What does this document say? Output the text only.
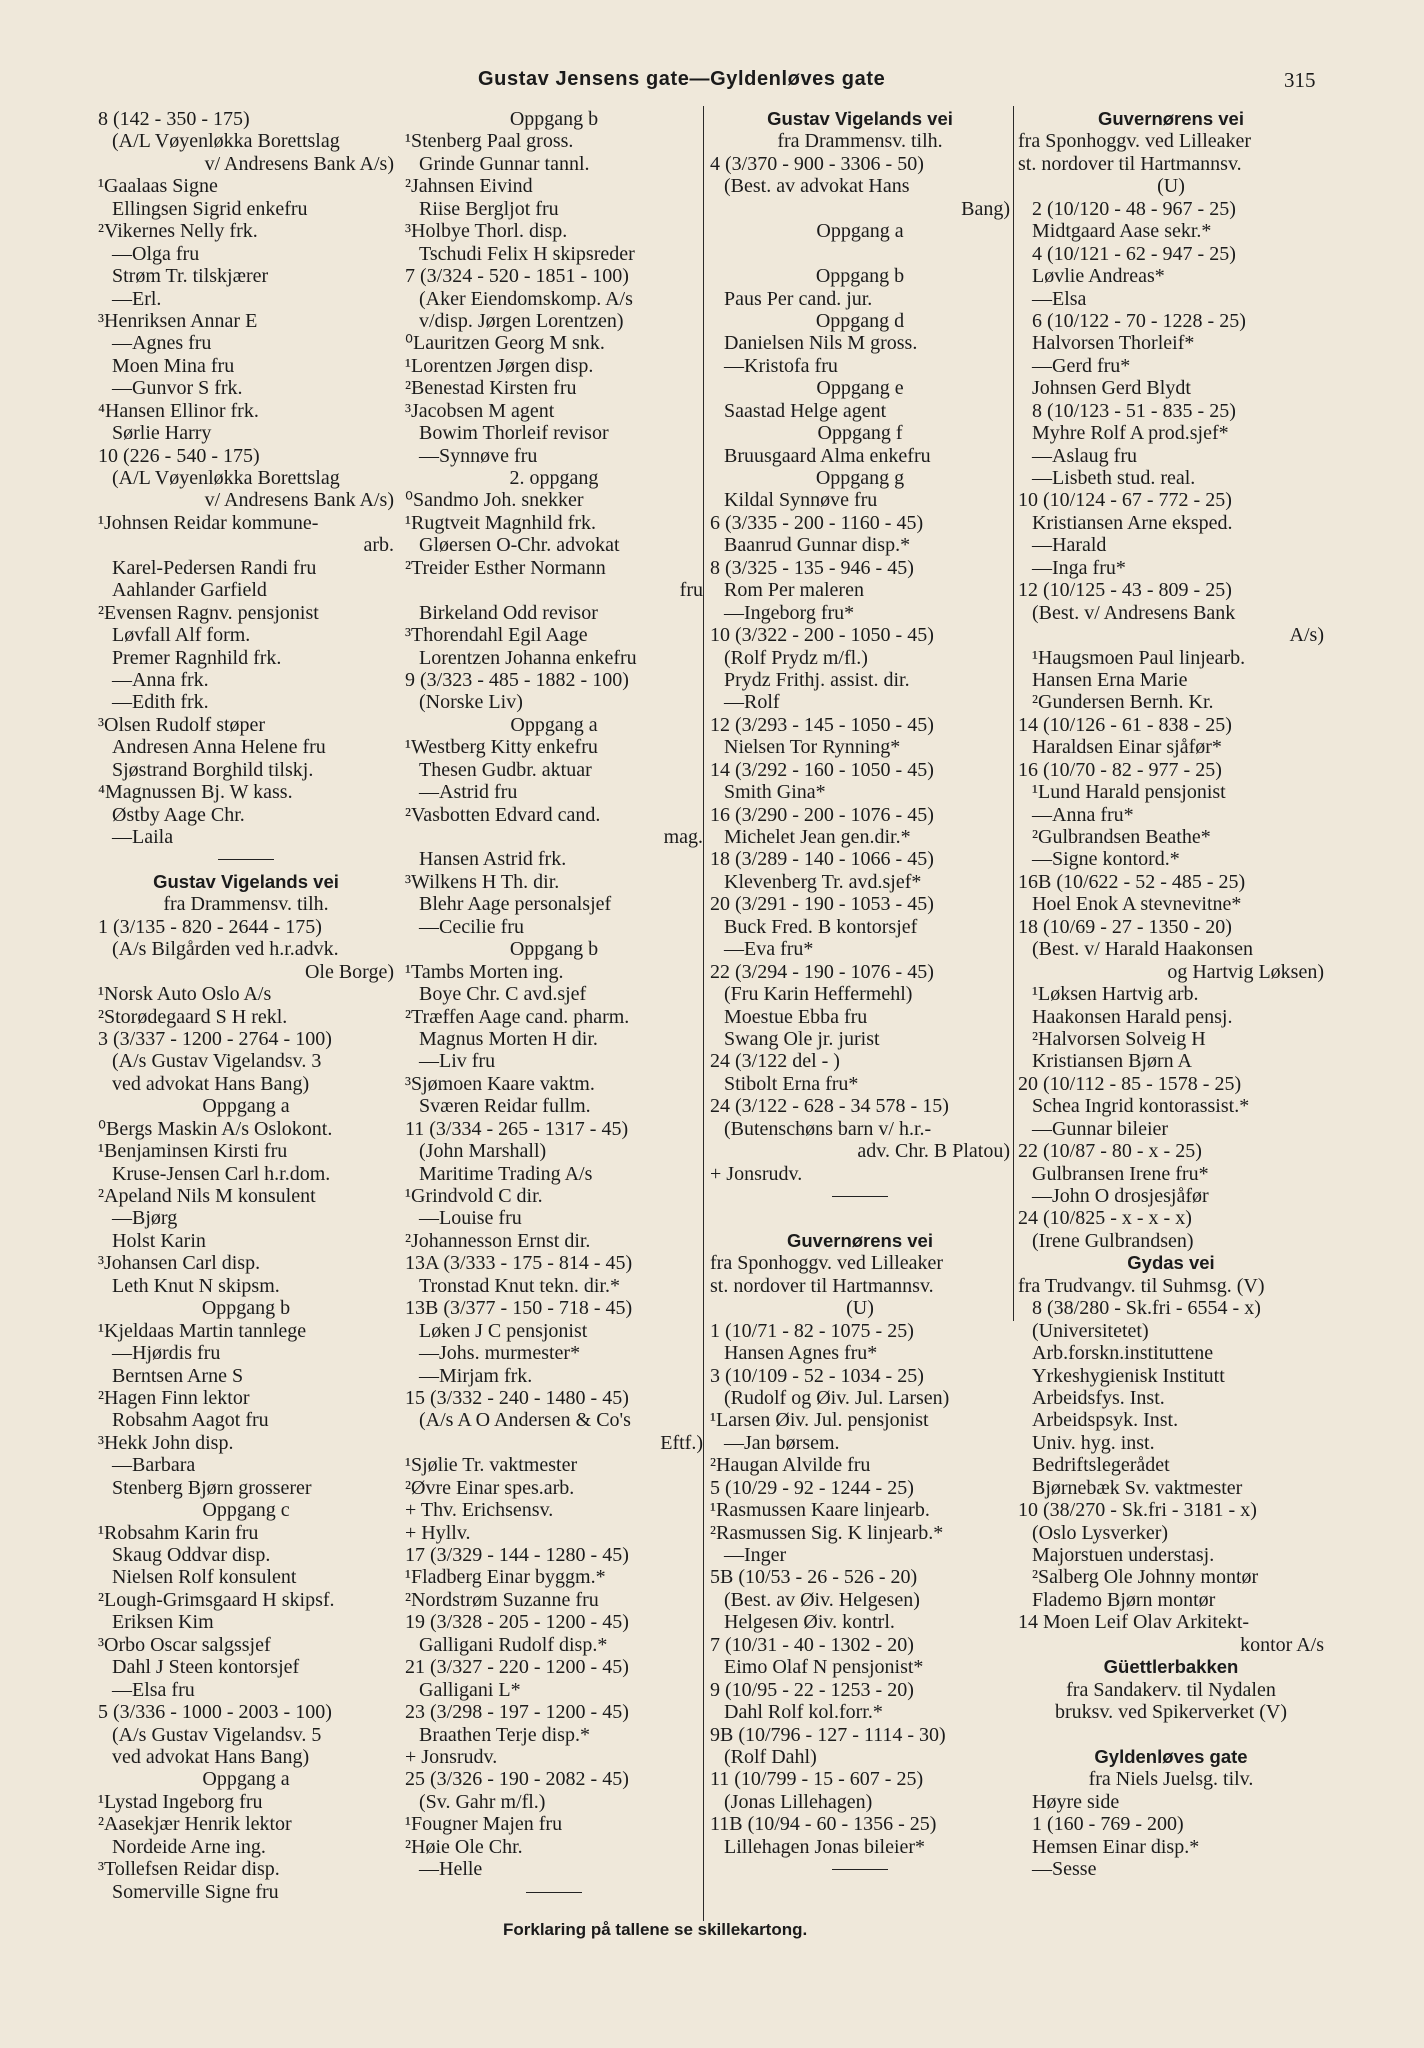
Gustav Jensens gate—Gyldenløves gate	315
8 (142 - 350 - 175)
(A/L Vøyenløkka Borettslag
v/ Andresens Bank A/s)
¹Gaalaas Signe
Ellingsen Sigrid enkefru
²Vikernes Nelly frk.
—Olga fru
Strøm Tr. tilskjærer
—Erl.
³Henriksen Annar E
—Agnes fru
Moen Mina fru
—Gunvor S frk.
⁴Hansen Ellinor frk.
Sørlie Harry
10 (226 - 540 - 175)
(A/L Vøyenløkka Borettslag
v/ Andresens Bank A/s)
¹Johnsen Reidar kommune-
arb.
Karel-Pedersen Randi fru
Aahlander Garfield
²Evensen Ragnv. pensjonist
Løvfall Alf form.
Premer Ragnhild frk.
—Anna frk.
—Edith frk.
³Olsen Rudolf støper
Andresen Anna Helene fru
Sjøstrand Borghild tilskj.
⁴Magnussen Bj. W kass.
Østby Aage Chr.
—Laila
Gustav Vigelands vei
fra Drammensv. tilh.
1 (3/135 - 820 - 2644 - 175)
(A/s Bilgården ved h.r.advk.
Ole Borge)
¹Norsk Auto Oslo A/s
²Storødegaard S H rekl.
3 (3/337 - 1200 - 2764 - 100)
(A/s Gustav Vigelandsv. 3
ved advokat Hans Bang)
Oppgang a
⁰Bergs Maskin A/s Oslokont.
¹Benjaminsen Kirsti fru
Kruse-Jensen Carl h.r.dom.
²Apeland Nils M konsulent
—Bjørg
Holst Karin
³Johansen Carl disp.
Leth Knut N skipsm.
Oppgang b
¹Kjeldaas Martin tannlege
—Hjørdis fru
Berntsen Arne S
²Hagen Finn lektor
Robsahm Aagot fru
³Hekk John disp.
—Barbara
Stenberg Bjørn grosserer
Oppgang c
¹Robsahm Karin fru
Skaug Oddvar disp.
Nielsen Rolf konsulent
²Lough-Grimsgaard H skipsf.
Eriksen Kim
³Orbo Oscar salgssjef
Dahl J Steen kontorsjef
—Elsa fru
5 (3/336 - 1000 - 2003 - 100)
(A/s Gustav Vigelandsv. 5
ved advokat Hans Bang)
Oppgang a
¹Lystad Ingeborg fru
²Aasekjær Henrik lektor
Nordeide Arne ing.
³Tollefsen Reidar disp.
Somerville Signe fru
Oppgang b
¹Stenberg Paal gross.
Grinde Gunnar tannl.
²Jahnsen Eivind
Riise Bergljot fru
³Holbye Thorl. disp.
Tschudi Felix H skipsreder
7 (3/324 - 520 - 1851 - 100)
(Aker Eiendomskomp. A/s
v/disp. Jørgen Lorentzen)
⁰Lauritzen Georg M snk.
¹Lorentzen Jørgen disp.
²Benestad Kirsten fru
³Jacobsen M agent
Bowim Thorleif revisor
—Synnøve fru
2. oppgang
⁰Sandmo Joh. snekker
¹Rugtveit Magnhild frk.
Gløersen O-Chr. advokat
²Treider Esther Normann
fru
Birkeland Odd revisor
³Thorendahl Egil Aage
Lorentzen Johanna enkefru
9 (3/323 - 485 - 1882 - 100)
(Norske Liv)
Oppgang a
¹Westberg Kitty enkefru
Thesen Gudbr. aktuar
—Astrid fru
²Vasbotten Edvard cand.
mag.
Hansen Astrid frk.
³Wilkens H Th. dir.
Blehr Aage personalsjef
—Cecilie fru
Oppgang b
¹Tambs Morten ing.
Boye Chr. C avd.sjef
²Træffen Aage cand. pharm.
Magnus Morten H dir.
—Liv fru
³Sjømoen Kaare vaktm.
Sværen Reidar fullm.
11 (3/334 - 265 - 1317 - 45)
(John Marshall)
Maritime Trading A/s
¹Grindvold C dir.
—Louise fru
²Johannesson Ernst dir.
13A (3/333 - 175 - 814 - 45)
Tronstad Knut tekn. dir.*
13B (3/377 - 150 - 718 - 45)
Løken J C pensjonist
—Johs. murmester*
—Mirjam frk.
15 (3/332 - 240 - 1480 - 45)
(A/s A O Andersen & Co's
Eftf.)
¹Sjølie Tr. vaktmester
²Øvre Einar spes.arb.
+ Thv. Erichsensv.
+ Hyllv.
17 (3/329 - 144 - 1280 - 45)
¹Fladberg Einar byggm.*
²Nordstrøm Suzanne fru
19 (3/328 - 205 - 1200 - 45)
Galligani Rudolf disp.*
21 (3/327 - 220 - 1200 - 45)
Galligani L*
23 (3/298 - 197 - 1200 - 45)
Braathen Terje disp.*
+ Jonsrudv.
25 (3/326 - 190 - 2082 - 45)
(Sv. Gahr m/fl.)
¹Fougner Majen fru
²Høie Ole Chr.
—Helle
Gustav Vigelands vei
fra Drammensv. tilh.
4 (3/370 - 900 - 3306 - 50)
(Best. av advokat Hans
Bang)
Oppgang a
Oppgang b
Paus Per cand. jur.
Oppgang d
Danielsen Nils M gross.
—Kristofa fru
Oppgang e
Saastad Helge agent
Oppgang f
Bruusgaard Alma enkefru
Oppgang g
Kildal Synnøve fru
6 (3/335 - 200 - 1160 - 45)
Baanrud Gunnar disp.*
8 (3/325 - 135 - 946 - 45)
Rom Per maleren
—Ingeborg fru*
10 (3/322 - 200 - 1050 - 45)
(Rolf Prydz m/fl.)
Prydz Frithj. assist. dir.
—Rolf
12 (3/293 - 145 - 1050 - 45)
Nielsen Tor Rynning*
14 (3/292 - 160 - 1050 - 45)
Smith Gina*
16 (3/290 - 200 - 1076 - 45)
Michelet Jean gen.dir.*
18 (3/289 - 140 - 1066 - 45)
Klevenberg Tr. avd.sjef*
20 (3/291 - 190 - 1053 - 45)
Buck Fred. B kontorsjef
—Eva fru*
22 (3/294 - 190 - 1076 - 45)
(Fru Karin Heffermehl)
Moestue Ebba fru
Swang Ole jr. jurist
24 (3/122 del - )
Stibolt Erna fru*
24 (3/122 - 628 - 34 578 - 15)
(Butenschøns barn v/ h.r.-
adv. Chr. B Platou)
+ Jonsrudv.
Guvernørens vei
fra Sponhoggv. ved Lilleaker
st. nordover til Hartmannsv.
(U)
1 (10/71 - 82 - 1075 - 25)
Hansen Agnes fru*
3 (10/109 - 52 - 1034 - 25)
(Rudolf og Øiv. Jul. Larsen)
¹Larsen Øiv. Jul. pensjonist
—Jan børsem.
²Haugan Alvilde fru
5 (10/29 - 92 - 1244 - 25)
¹Rasmussen Kaare linjearb.
²Rasmussen Sig. K linjearb.*
—Inger
5B (10/53 - 26 - 526 - 20)
(Best. av Øiv. Helgesen)
Helgesen Øiv. kontrl.
7 (10/31 - 40 - 1302 - 20)
Eimo Olaf N pensjonist*
9 (10/95 - 22 - 1253 - 20)
Dahl Rolf kol.forr.*
9B (10/796 - 127 - 1114 - 30)
(Rolf Dahl)
11 (10/799 - 15 - 607 - 25)
(Jonas Lillehagen)
11B (10/94 - 60 - 1356 - 25)
Lillehagen Jonas bileier*
Guvernørens vei
fra Sponhoggv. ved Lilleaker
st. nordover til Hartmannsv.
(U)
2 (10/120 - 48 - 967 - 25)
Midtgaard Aase sekr.*
4 (10/121 - 62 - 947 - 25)
Løvlie Andreas*
—Elsa
6 (10/122 - 70 - 1228 - 25)
Halvorsen Thorleif*
—Gerd fru*
Johnsen Gerd Blydt
8 (10/123 - 51 - 835 - 25)
Myhre Rolf A prod.sjef*
—Aslaug fru
—Lisbeth stud. real.
10 (10/124 - 67 - 772 - 25)
Kristiansen Arne eksped.
—Harald
—Inga fru*
12 (10/125 - 43 - 809 - 25)
(Best. v/ Andresens Bank
A/s)
¹Haugsmoen Paul linjearb.
Hansen Erna Marie
²Gundersen Bernh. Kr.
14 (10/126 - 61 - 838 - 25)
Haraldsen Einar sjåfør*
16 (10/70 - 82 - 977 - 25)
¹Lund Harald pensjonist
—Anna fru*
²Gulbrandsen Beathe*
—Signe kontord.*
16B (10/622 - 52 - 485 - 25)
Hoel Enok A stevnevitne*
18 (10/69 - 27 - 1350 - 20)
(Best. v/ Harald Haakonsen
og Hartvig Løksen)
¹Løksen Hartvig arb.
Haakonsen Harald pensj.
²Halvorsen Solveig H
Kristiansen Bjørn A
20 (10/112 - 85 - 1578 - 25)
Schea Ingrid kontorassist.*
—Gunnar bileier
22 (10/87 - 80 - x - 25)
Gulbransen Irene fru*
—John O drosjesjåfør
24 (10/825 - x - x - x)
(Irene Gulbrandsen)
Gydas vei
fra Trudvangv. til Suhmsg. (V)
8 (38/280 - Sk.fri - 6554 - x)
(Universitetet)
Arb.forskn.instituttene
Yrkeshygienisk Institutt
Arbeidsfys. Inst.
Arbeidspsyk. Inst.
Univ. hyg. inst.
Bedriftslegerådet
Bjørnebæk Sv. vaktmester
10 (38/270 - Sk.fri - 3181 - x)
(Oslo Lysverker)
Majorstuen understasj.
²Salberg Ole Johnny montør
Flademo Bjørn montør
14 Moen Leif Olav Arkitekt-
kontor A/s
Güettlerbakken
fra Sandakerv. til Nydalen
bruksv. ved Spikerverket (V)
Gyldenløves gate
fra Niels Juelsg. tilv.
Høyre side
1 (160 - 769 - 200)
Hemsen Einar disp.*
—Sesse
Forklaring på tallene se skillekartong.
